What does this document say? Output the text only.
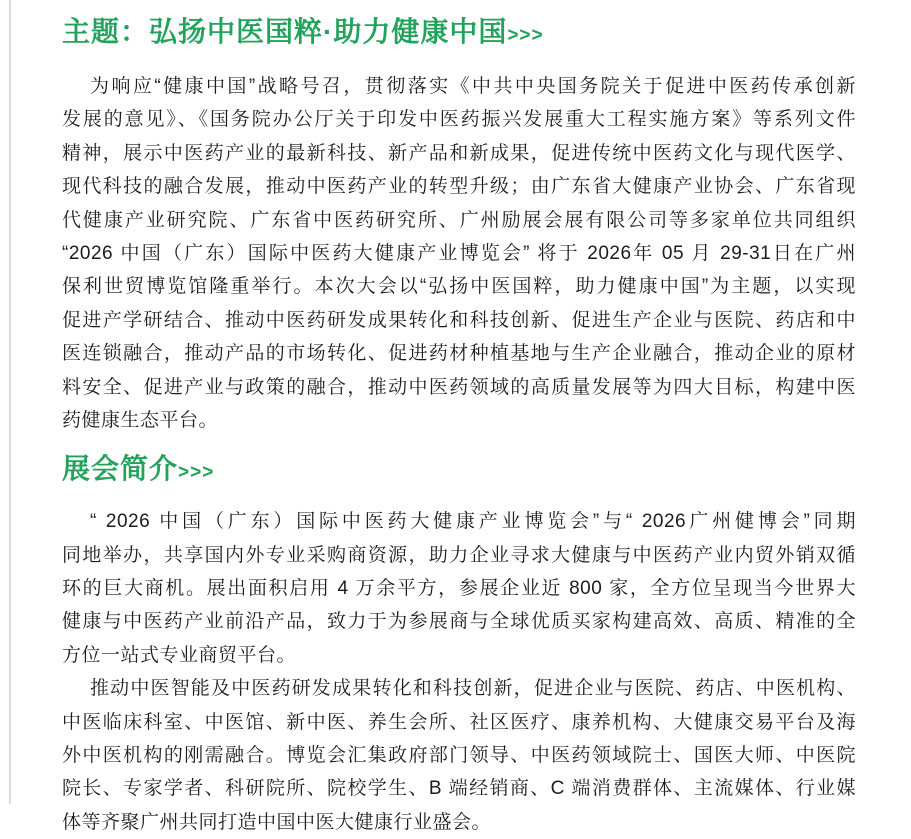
主题：弘扬中医国粹·助力健康中国>>>
为响应“健康中国”战略号召，贯彻落实《中共中央国务院关于促进中医药传承创新
发展的意见》、《国务院办公厅关于印发中医药振兴发展重大工程实施方案》等系列文件
精神，展示中医药产业的最新科技、新产品和新成果，促进传统中医药文化与现代医学、
现代科技的融合发展，推动中医药产业的转型升级；由广东省大健康产业协会、广东省现
代健康产业研究院、广东省中医药研究所、广州励展会展有限公司等多家单位共同组织
“2026 中国（广东）国际中医药大健康产业博览会” 将于 2026年 05 月 29-31日在广州
保利世贸博览馆隆重举行。本次大会以“弘扬中医国粹，助力健康中国”为主题，以实现
促进产学研结合、推动中医药研发成果转化和科技创新、促进生产企业与医院、药店和中
医连锁融合，推动产品的市场转化、促进药材种植基地与生产企业融合，推动企业的原材
料安全、促进产业与政策的融合，推动中医药领域的高质量发展等为四大目标，构建中医
药健康生态平台。
展会简介>>>
“ 2026 中国（广东）国际中医药大健康产业博览会”与“ 2026广州健博会”同期
同地举办，共享国内外专业采购商资源，助力企业寻求大健康与中医药产业内贸外销双循
环的巨大商机。展出面积启用 4 万余平方，参展企业近 800 家，全方位呈现当今世界大
健康与中医药产业前沿产品，致力于为参展商与全球优质买家构建高效、高质、精准的全
方位一站式专业商贸平台。
推动中医智能及中医药研发成果转化和科技创新，促进企业与医院、药店、中医机构、
中医临床科室、中医馆、新中医、养生会所、社区医疗、康养机构、大健康交易平台及海
外中医机构的刚需融合。博览会汇集政府部门领导、中医药领域院士、国医大师、中医院
院长、专家学者、科研院所、院校学生、B 端经销商、C 端消费群体、主流媒体、行业媒
体等齐聚广州共同打造中国中医大健康行业盛会。
